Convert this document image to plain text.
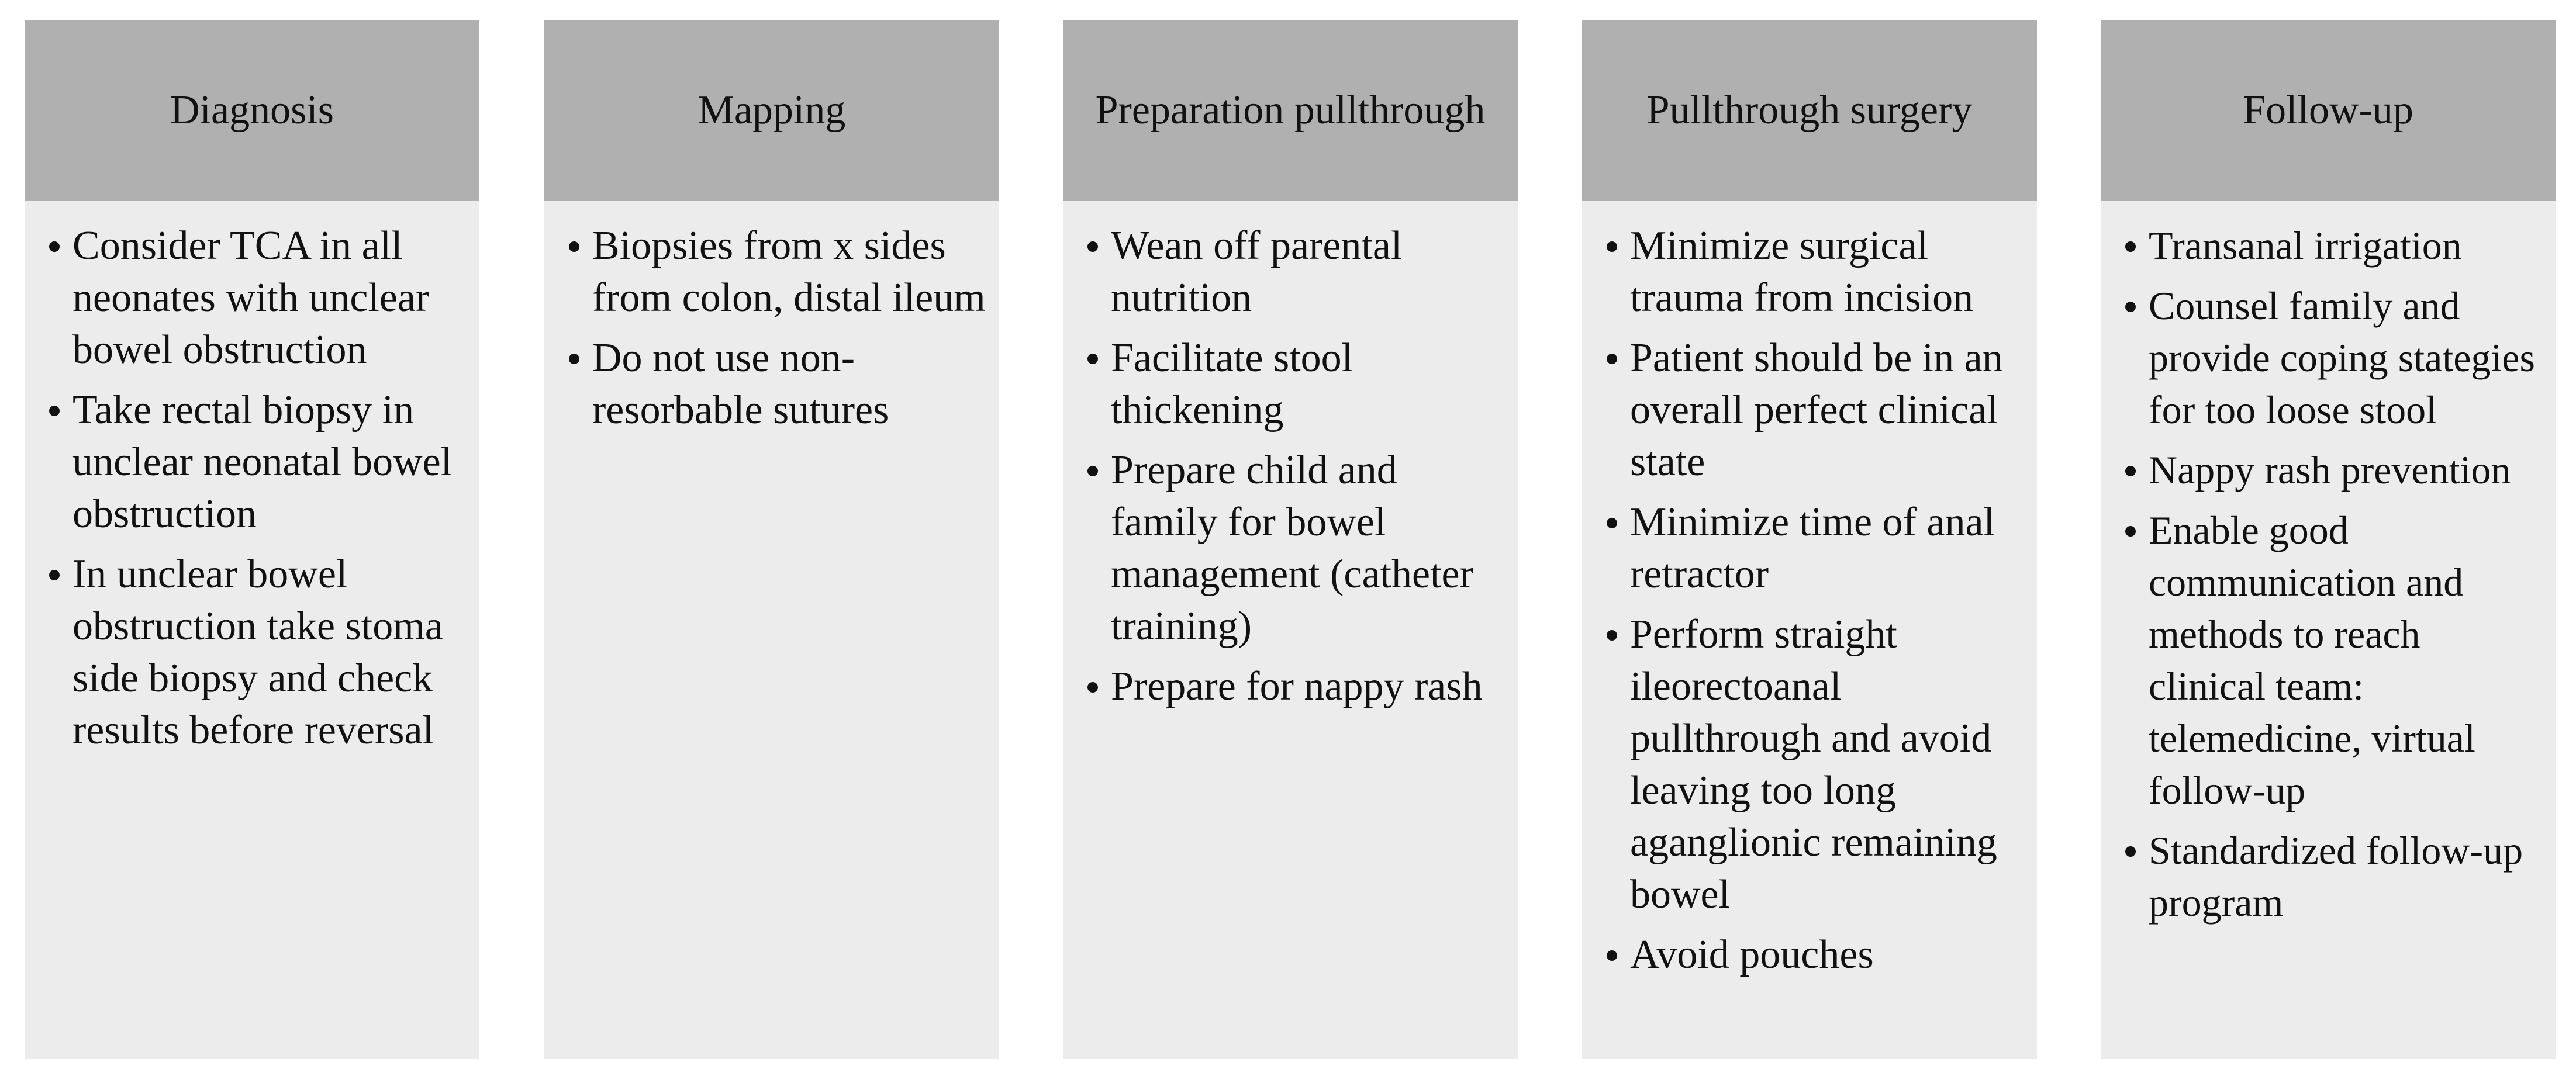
Diagnosis
Consider TCA in all neonates with unclear bowel obstruction
Take rectal biopsy in unclear neonatal bowel obstruction
In unclear bowel obstruction take stoma side biopsy and check results before reversal
Mapping
Biopsies from x sides from colon, distal ileum
Do not use non-resorbable sutures
Preparation pullthrough
Wean off parental nutrition
Facilitate stool thickening
Prepare child and family for bowel management (catheter training)
Prepare for nappy rash
Pullthrough surgery
Minimize surgical trauma from incision
Patient should be in an overall perfect clinical state
Minimize time of anal retractor
Perform straight ileorectoanal pullthrough and avoid leaving too long aganglionic remaining bowel
Avoid pouches
Follow-up
Transanal irrigation
Counsel family and provide coping stategies for too loose stool
Nappy rash prevention
Enable good communication and methods to reach clinical team: telemedicine, virtual follow-up
Standardized follow-up program
